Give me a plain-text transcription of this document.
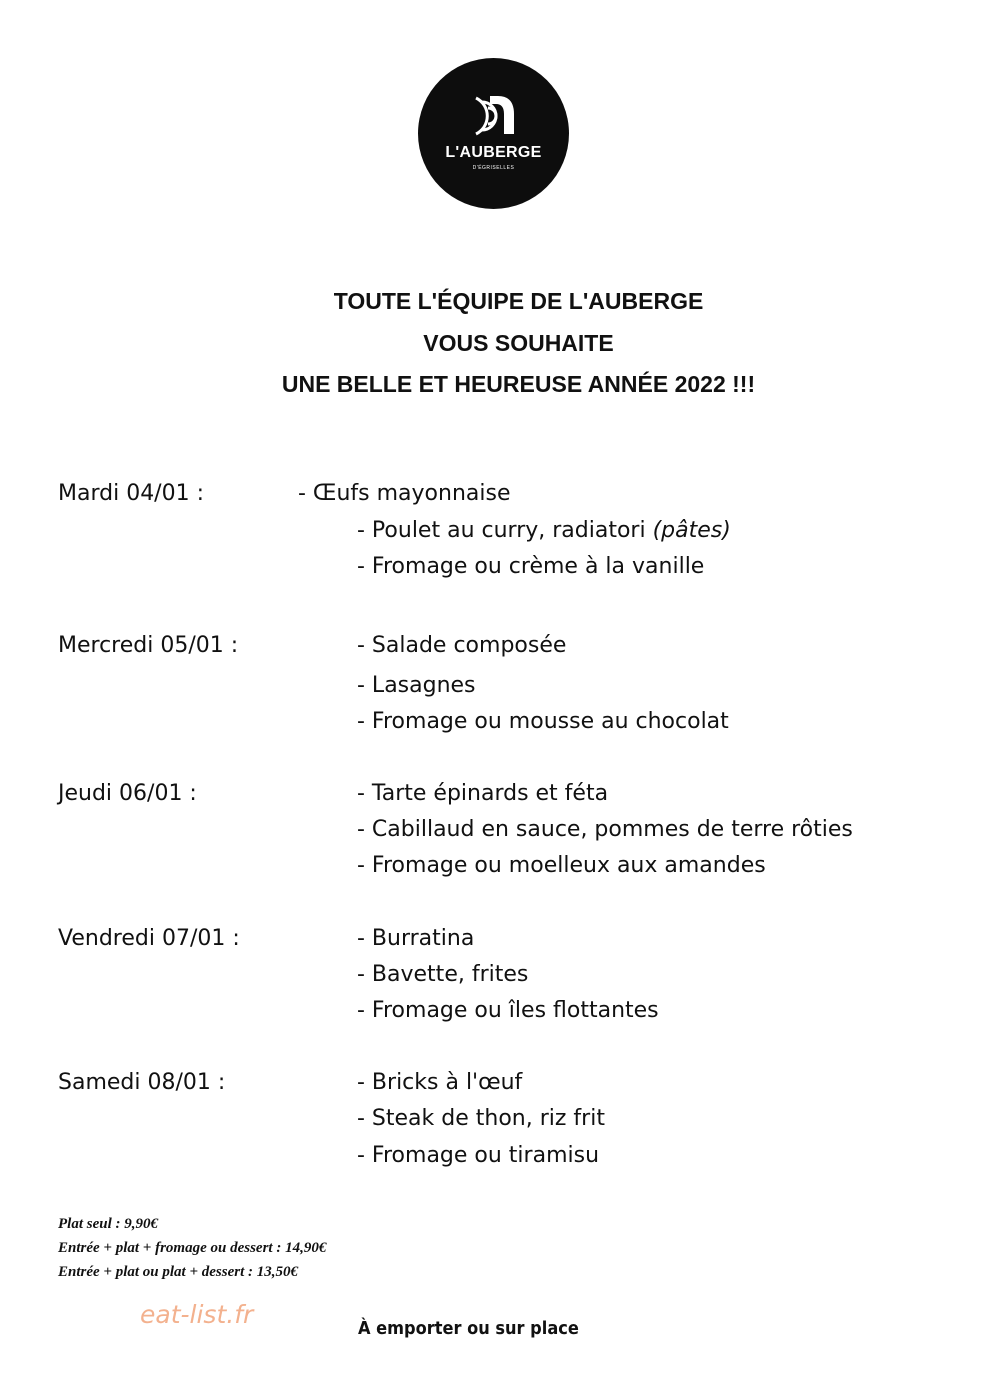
L'AUBERGE
D'ÉGRISELLES
TOUTE L'ÉQUIPE DE L'AUBERGE
VOUS SOUHAITE
UNE BELLE ET HEUREUSE ANNÉE 2022 !!!
Mardi 04/01 :	- Œufs mayonnaise
- Poulet au curry, radiatori (pâtes)
- Fromage ou crème à la vanille
Mercredi 05/01 :	- Salade composée
- Lasagnes
- Fromage ou mousse au chocolat
Jeudi 06/01 :	- Tarte épinards et féta
- Cabillaud en sauce, pommes de terre rôties
- Fromage ou moelleux aux amandes
Vendredi 07/01 :	- Burratina
- Bavette, frites
- Fromage ou îles flottantes
Samedi 08/01 :	- Bricks à l'œuf
- Steak de thon, riz frit
- Fromage ou tiramisu
Plat seul : 9,90€
Entrée + plat + fromage ou dessert : 14,90€
Entrée + plat ou plat + dessert : 13,50€
eat-list.fr	À emporter ou sur place
